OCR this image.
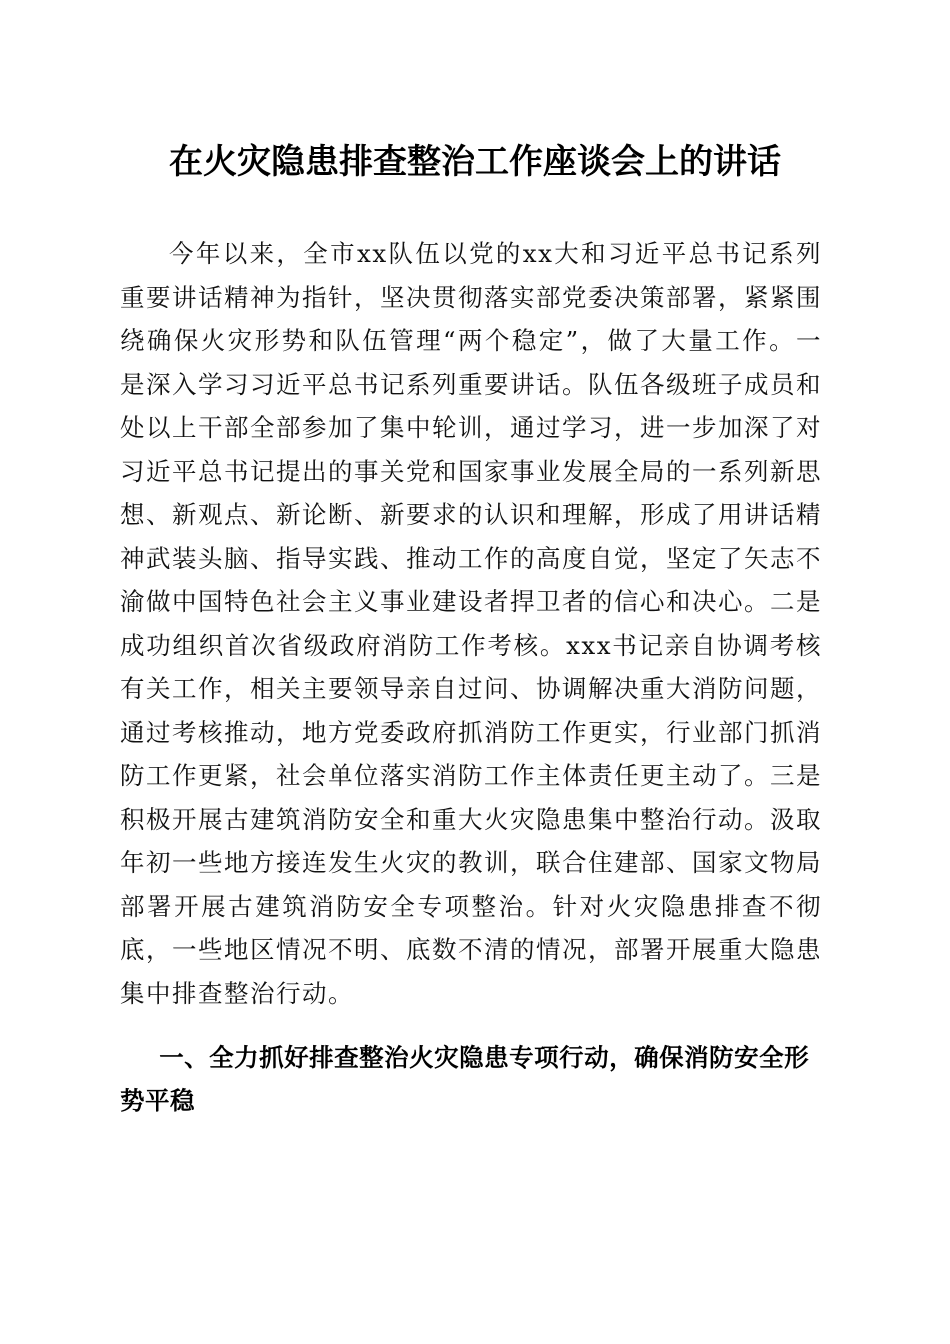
在火灾隐患排查整治工作座谈会上的讲话

今年以来，全市xx队伍以党的xx大和习近平总书记系列重要讲话精神为指针，坚决贯彻落实部党委决策部署，紧紧围绕确保火灾形势和队伍管理“两个稳定”，做了大量工作。一是深入学习习近平总书记系列重要讲话。队伍各级班子成员和处以上干部全部参加了集中轮训，通过学习，进一步加深了对习近平总书记提出的事关党和国家事业发展全局的一系列新思想、新观点、新论断、新要求的认识和理解，形成了用讲话精神武装头脑、指导实践、推动工作的高度自觉，坚定了矢志不渝做中国特色社会主义事业建设者捍卫者的信心和决心。二是成功组织首次省级政府消防工作考核。xxx书记亲自协调考核有关工作，相关主要领导亲自过问、协调解决重大消防问题，通过考核推动，地方党委政府抓消防工作更实，行业部门抓消防工作更紧，社会单位落实消防工作主体责任更主动了。三是积极开展古建筑消防安全和重大火灾隐患集中整治行动。汲取年初一些地方接连发生火灾的教训，联合住建部、国家文物局部署开展古建筑消防安全专项整治。针对火灾隐患排查不彻底，一些地区情况不明、底数不清的情况，部署开展重大隐患集中排查整治行动。

一、全力抓好排查整治火灾隐患专项行动，确保消防安全形势平稳
